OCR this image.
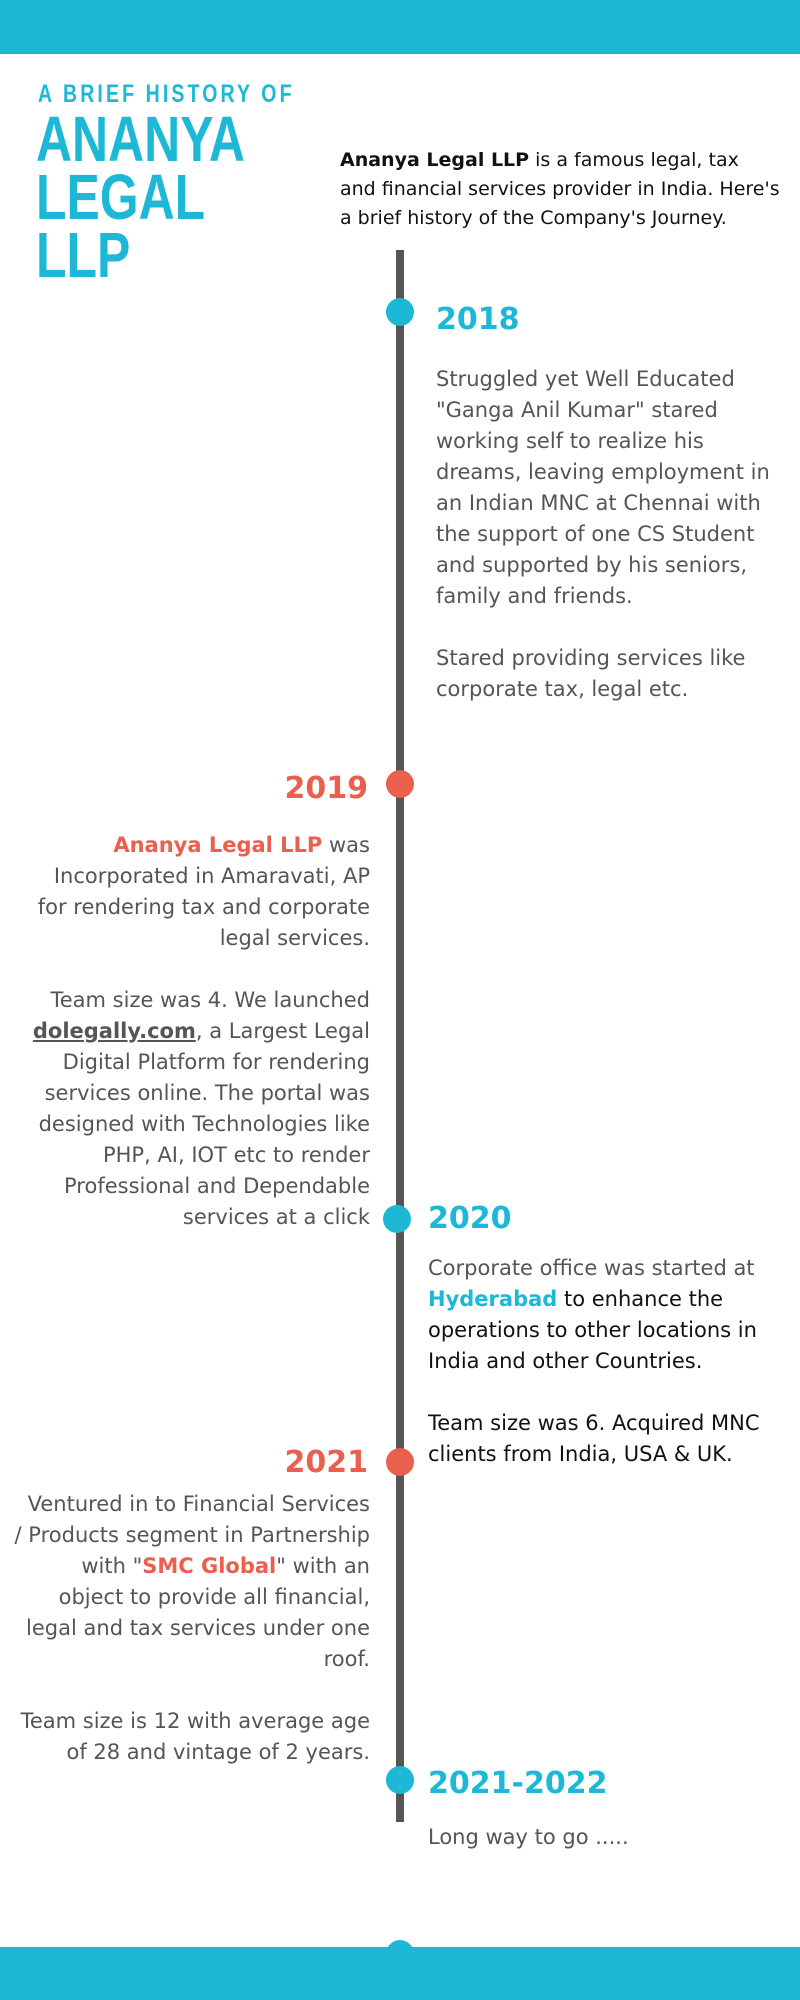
A BRIEF HISTORY OF
ANANYA
LEGAL
LLP
Ananya Legal LLP is a famous legal, tax and financial services provider in India. Here's a brief history of the Company's Journey.
2018

Struggled yet Well Educated "Ganga Anil Kumar" stared working self to realize his dreams, leaving employment in an Indian MNC at Chennai with the support of one CS Student and supported by his seniors, family and friends.

Stared providing services like corporate tax, legal etc.

2019

Ananya Legal LLP was Incorporated in Amaravati, AP for rendering tax and corporate legal services.

Team size was 4. We launched dolegally.com, a Largest Legal Digital Platform for rendering services online. The portal was designed with Technologies like PHP, AI, IOT etc to render Professional and Dependable services at a click 2020

Corporate office was started at Hyderabad to enhance the operations to other locations in India and other Countries.

Team size was 6. Acquired MNC clients from India, USA & UK.

2021

Ventured in to Financial Services / Products segment in Partnership with "SMC Global" with an object to provide all financial, legal and tax services under one roof.

Team size is 12 with average age of 28 and vintage of 2 years.

2021-2022

Long way to go .....
